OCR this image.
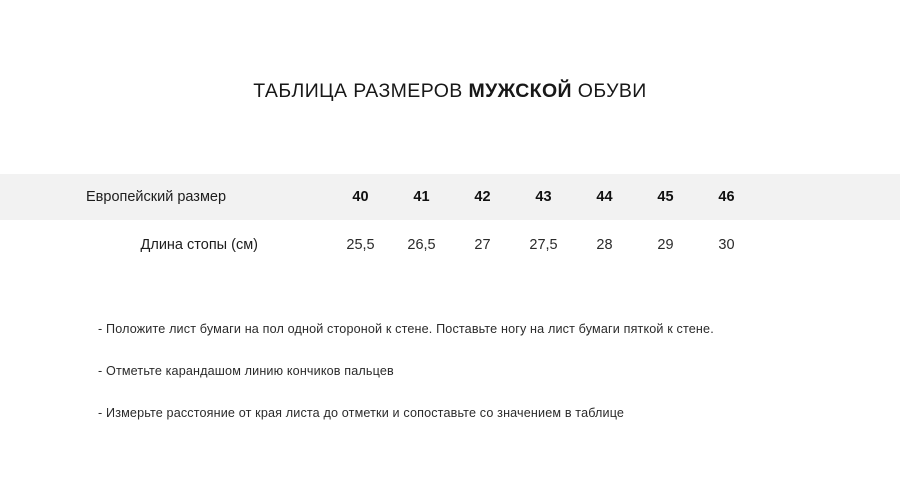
ТАБЛИЦА РАЗМЕРОВ МУЖСКОЙ ОБУВИ
Европейский размер	40	41	42	43	44	45	46	
Длина стопы (см)	25,5	26,5	27	27,5	28	29	30	
- Положите лист бумаги на пол одной стороной к стене. Поставьте ногу на лист бумаги пяткой к стене.
- Отметьте карандашом линию кончиков пальцев
- Измерьте расстояние от края листа до отметки и сопоставьте со значением в таблице
